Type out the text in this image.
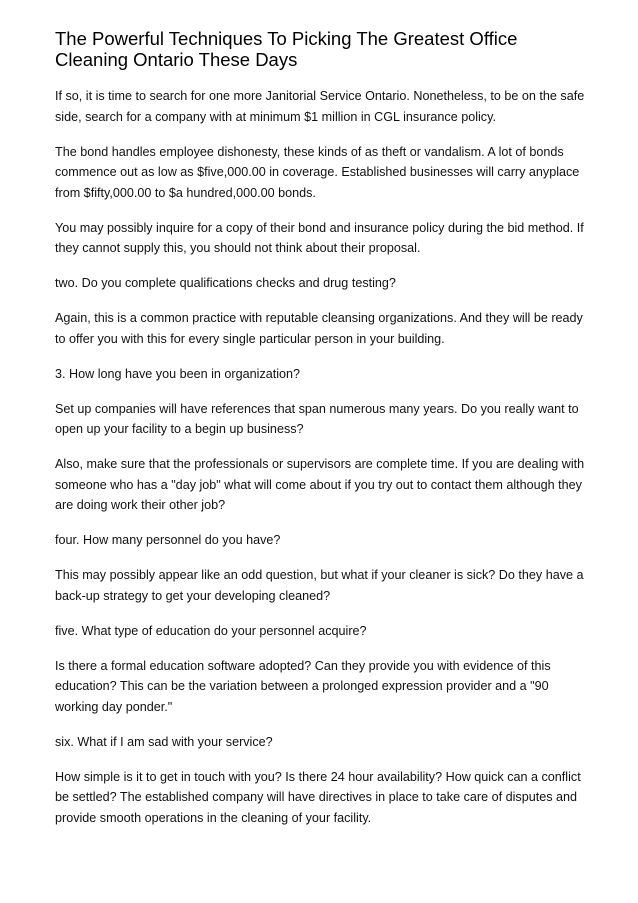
The Powerful Techniques To Picking The Greatest Office Cleaning Ontario These Days

If so, it is time to search for one more Janitorial Service Ontario. Nonetheless, to be on the safe side, search for a company with at minimum $1 million in CGL insurance policy.

The bond handles employee dishonesty, these kinds of as theft or vandalism. A lot of bonds commence out as low as $five,000.00 in coverage. Established businesses will carry anyplace from $fifty,000.00 to $a hundred,000.00 bonds.

You may possibly inquire for a copy of their bond and insurance policy during the bid method. If they cannot supply this, you should not think about their proposal.

two. Do you complete qualifications checks and drug testing?

Again, this is a common practice with reputable cleansing organizations. And they will be ready to offer you with this for every single particular person in your building.

3. How long have you been in organization?

Set up companies will have references that span numerous many years. Do you really want to open up your facility to a begin up business?

Also, make sure that the professionals or supervisors are complete time. If you are dealing with someone who has a "day job" what will come about if you try out to contact them although they are doing work their other job?

four. How many personnel do you have?

This may possibly appear like an odd question, but what if your cleaner is sick? Do they have a back-up strategy to get your developing cleaned?

five. What type of education do your personnel acquire?

Is there a formal education software adopted? Can they provide you with evidence of this education? This can be the variation between a prolonged expression provider and a "90 working day ponder."

six. What if I am sad with your service?

How simple is it to get in touch with you? Is there 24 hour availability? How quick can a conflict be settled? The established company will have directives in place to take care of disputes and provide smooth operations in the cleaning of your facility.
